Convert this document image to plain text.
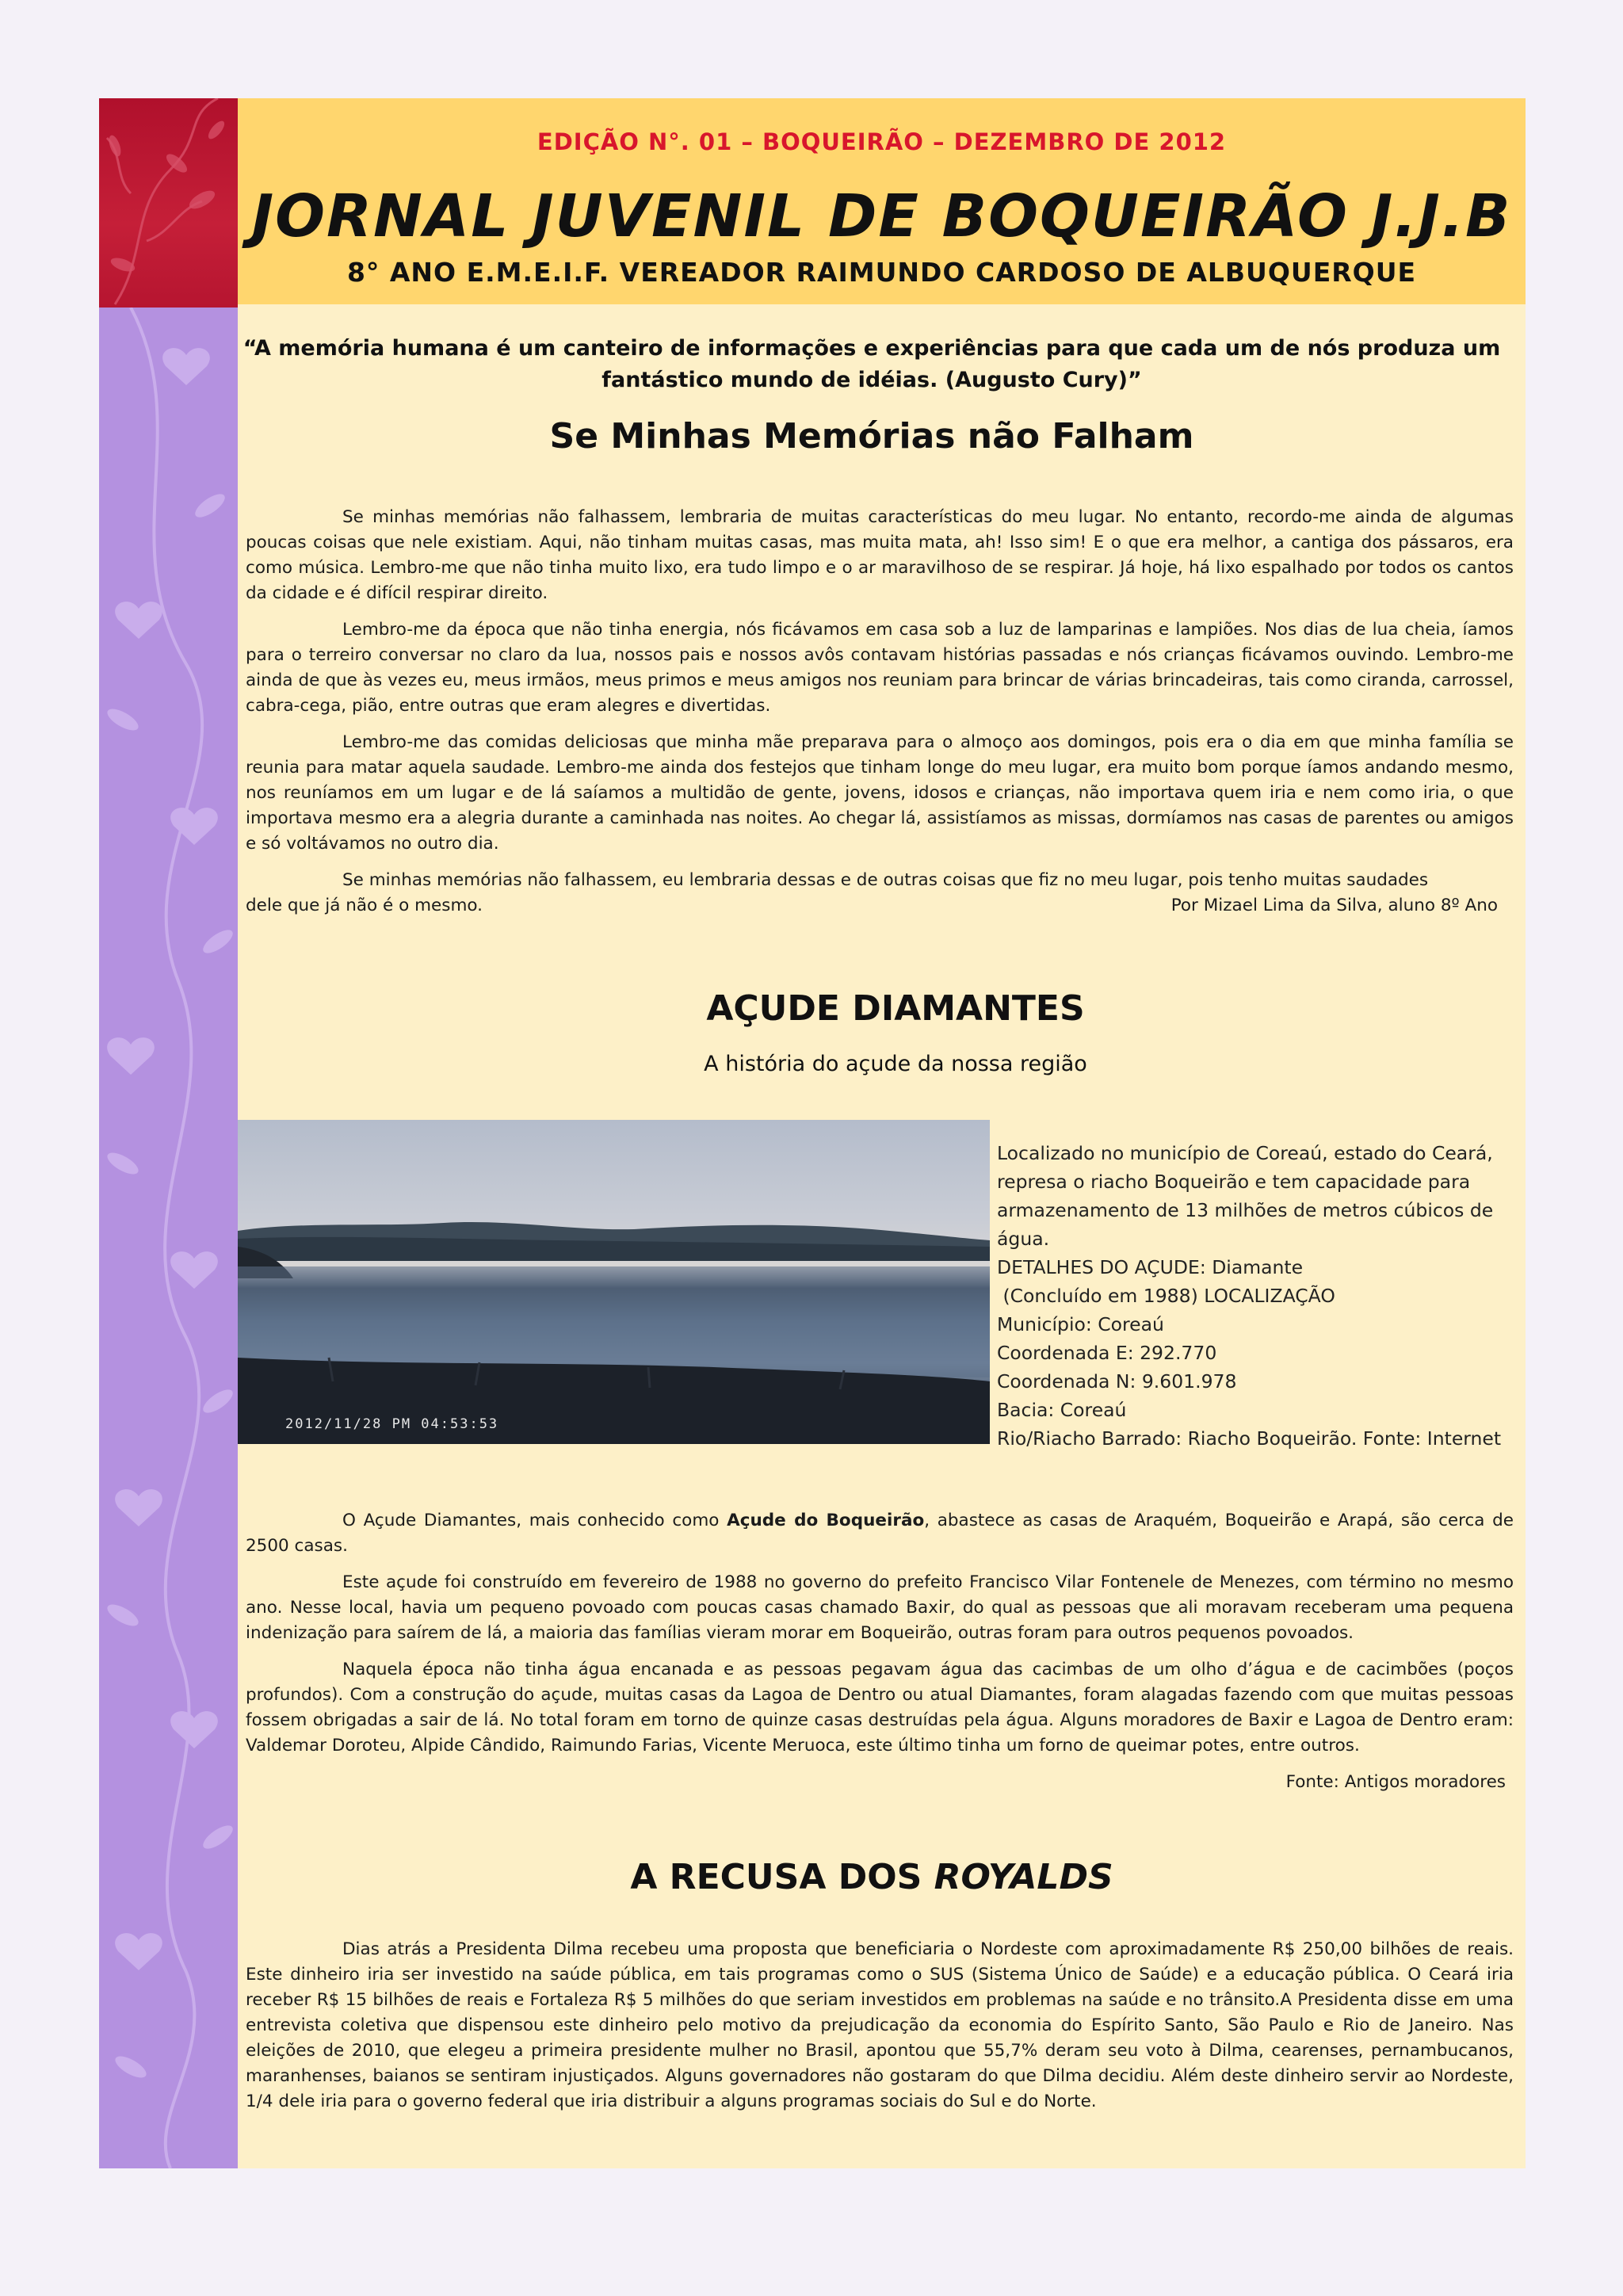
EDIÇÃO N°. 01 – BOQUEIRÃO – DEZEMBRO DE 2012
JORNAL JUVENIL DE BOQUEIRÃO J.J.B
8° ANO E.M.E.I.F. VEREADOR RAIMUNDO CARDOSO DE ALBUQUERQUE
“A memória humana é um canteiro de informações e experiências para que cada um de nós produza um fantástico mundo de idéias. (Augusto Cury)”
Se Minhas Memórias não Falham

Se minhas memórias não falhassem, lembraria de muitas características do meu lugar. No entanto, recordo-me ainda de algumas poucas coisas que nele existiam. Aqui, não tinham muitas casas, mas muita mata, ah! Isso sim! E o que era melhor, a cantiga dos pássaros, era como música. Lembro-me que não tinha muito lixo, era tudo limpo e o ar maravilhoso de se respirar. Já hoje, há lixo espalhado por todos os cantos da cidade e é difícil respirar direito.

Lembro-me da época que não tinha energia, nós ficávamos em casa sob a luz de lamparinas e lampiões. Nos dias de lua cheia, íamos para o terreiro conversar no claro da lua, nossos pais e nossos avôs contavam histórias passadas e nós crianças ficávamos ouvindo. Lembro-me ainda de que às vezes eu, meus irmãos, meus primos e meus amigos nos reuniam para brincar de várias brincadeiras, tais como ciranda, carrossel, cabra-cega, pião, entre outras que eram alegres e divertidas.

Lembro-me das comidas deliciosas que minha mãe preparava para o almoço aos domingos, pois era o dia em que minha família se reunia para matar aquela saudade. Lembro-me ainda dos festejos que tinham longe do meu lugar, era muito bom porque íamos andando mesmo, nos reuníamos em um lugar e de lá saíamos a multidão de gente, jovens, idosos e crianças, não importava quem iria e nem como iria, o que importava mesmo era a alegria durante a caminhada nas noites. Ao chegar lá, assistíamos as missas, dormíamos nas casas de parentes ou amigos e só voltávamos no outro dia.

Se minhas memórias não falhassem, eu lembraria dessas e de outras coisas que fiz no meu lugar, pois tenho muitas saudades

dele que já não é o mesmo.	Por Mizael Lima da Silva, aluno 8º Ano
AÇUDE DIAMANTES
A história do açude da nossa região
2012/11/28 PM 04:53:53
Localizado no município de Coreaú, estado do Ceará,
represa o riacho Boqueirão e tem capacidade para
armazenamento de 13 milhões de metros cúbicos de
água.
DETALHES DO AÇUDE: Diamante
(Concluído em 1988) LOCALIZAÇÃO
Município: Coreaú
Coordenada E: 292.770
Coordenada N: 9.601.978
Bacia: Coreaú
Rio/Riacho Barrado: Riacho Boqueirão. Fonte: Internet

O Açude Diamantes, mais conhecido como Açude do Boqueirão, abastece as casas de Araquém, Boqueirão e Arapá, são cerca de 2500 casas.

Este açude foi construído em fevereiro de 1988 no governo do prefeito Francisco Vilar Fontenele de Menezes, com término no mesmo ano. Nesse local, havia um pequeno povoado com poucas casas chamado Baxir, do qual as pessoas que ali moravam receberam uma pequena indenização para saírem de lá, a maioria das famílias vieram morar em Boqueirão, outras foram para outros pequenos povoados.

Naquela época não tinha água encanada e as pessoas pegavam água das cacimbas de um olho d’água e de cacimbões (poços profundos). Com a construção do açude, muitas casas da Lagoa de Dentro ou atual Diamantes, foram alagadas fazendo com que muitas pessoas fossem obrigadas a sair de lá. No total foram em torno de quinze casas destruídas pela água. Alguns moradores de Baxir e Lagoa de Dentro eram: Valdemar Doroteu, Alpide Cândido, Raimundo Farias, Vicente Meruoca, este último tinha um forno de queimar potes, entre outros.

Fonte: Antigos moradores
A RECUSA DOS ROYALDS

Dias atrás a Presidenta Dilma recebeu uma proposta que beneficiaria o Nordeste com aproximadamente R$ 250,00 bilhões de reais. Este dinheiro iria ser investido na saúde pública, em tais programas como o SUS (Sistema Único de Saúde) e a educação pública. O Ceará iria receber R$ 15 bilhões de reais e Fortaleza R$ 5 milhões do que seriam investidos em problemas na saúde e no trânsito.A Presidenta disse em uma entrevista coletiva que dispensou este dinheiro pelo motivo da prejudicação da economia do Espírito Santo, São Paulo e Rio de Janeiro. Nas eleições de 2010, que elegeu a primeira presidente mulher no Brasil, apontou que 55,7% deram seu voto à Dilma, cearenses, pernambucanos, maranhenses, baianos se sentiram injustiçados. Alguns governadores não gostaram do que Dilma decidiu. Além deste dinheiro servir ao Nordeste, 1/4 dele iria para o governo federal que iria distribuir a alguns programas sociais do Sul e do Norte.
